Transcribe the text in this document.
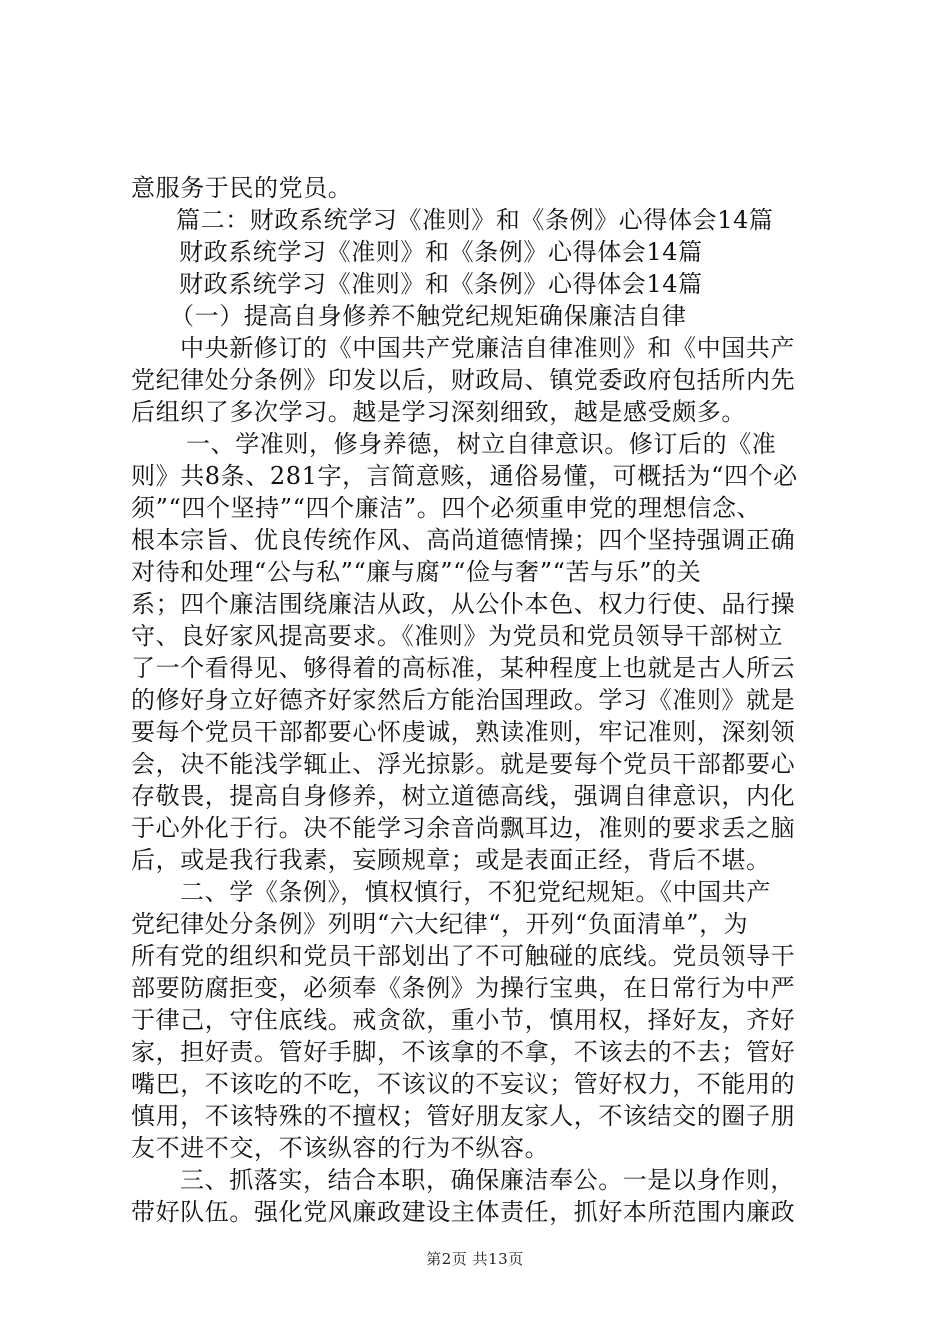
意服务于民的党员。
篇二：财政系统学习《准则》和《条例》心得体会14篇
财政系统学习《准则》和《条例》心得体会14篇
财政系统学习《准则》和《条例》心得体会14篇
（一）提高自身修养不触党纪规矩确保廉洁自律
中央新修订的《中国共产党廉洁自律准则》和《中国共产
党纪律处分条例》印发以后，财政局、镇党委政府包括所内先
后组织了多次学习。越是学习深刻细致，越是感受颇多。
一、学准则，修身养德，树立自律意识。修订后的《准
则》共8条、281字，言简意赅，通俗易懂，可概括为“四个必
须”“四个坚持”“四个廉洁”。四个必须重申党的理想信念、
根本宗旨、优良传统作风、高尚道德情操；四个坚持强调正确
对待和处理“公与私”“廉与腐”“俭与奢”“苦与乐”的关
系；四个廉洁围绕廉洁从政，从公仆本色、权力行使、品行操
守、良好家风提高要求。《准则》为党员和党员领导干部树立
了一个看得见、够得着的高标准，某种程度上也就是古人所云
的修好身立好德齐好家然后方能治国理政。学习《准则》就是
要每个党员干部都要心怀虔诚，熟读准则，牢记准则，深刻领
会，决不能浅学辄止、浮光掠影。就是要每个党员干部都要心
存敬畏，提高自身修养，树立道德高线，强调自律意识，内化
于心外化于行。决不能学习余音尚飘耳边，准则的要求丢之脑
后，或是我行我素，妄顾规章；或是表面正经，背后不堪。
二、学《条例》，慎权慎行，不犯党纪规矩。《中国共产
党纪律处分条例》列明“六大纪律“，开列“负面清单”，为
所有党的组织和党员干部划出了不可触碰的底线。党员领导干
部要防腐拒变，必须奉《条例》为操行宝典，在日常行为中严
于律己，守住底线。戒贪欲，重小节，慎用权，择好友，齐好
家，担好责。管好手脚，不该拿的不拿，不该去的不去；管好
嘴巴，不该吃的不吃，不该议的不妄议；管好权力，不能用的
慎用，不该特殊的不擅权；管好朋友家人，不该结交的圈子朋
友不进不交，不该纵容的行为不纵容。
三、抓落实，结合本职，确保廉洁奉公。一是以身作则，
带好队伍。强化党风廉政建设主体责任，抓好本所范围内廉政
第2页 共13页
